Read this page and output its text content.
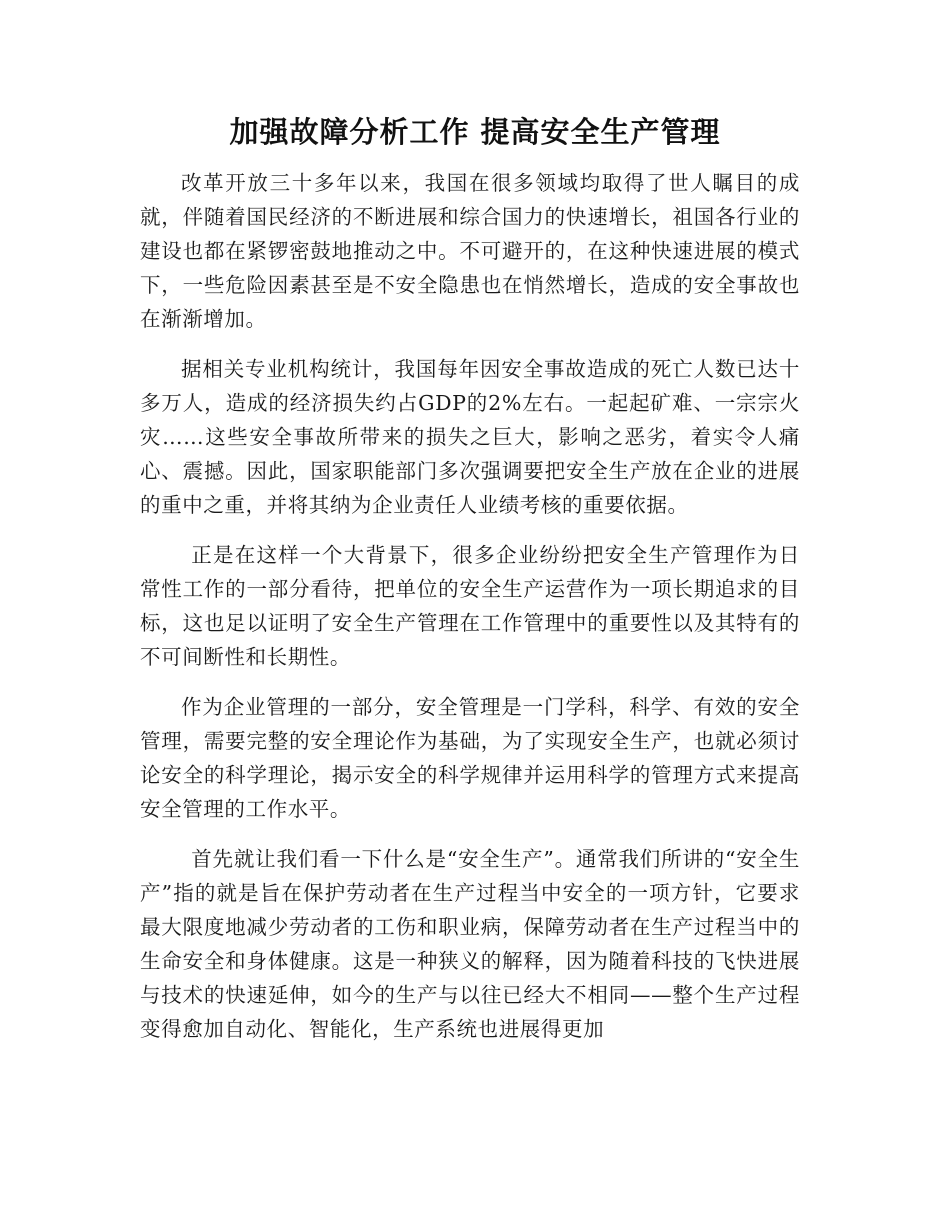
加强故障分析工作 提高安全生产管理

改革开放三十多年以来，我国在很多领域均取得了世人瞩目的成就，伴随着国民经济的不断进展和综合国力的快速增长，祖国各行业的建设也都在紧锣密鼓地推动之中。不可避开的，在这种快速进展的模式下，一些危险因素甚至是不安全隐患也在悄然增长，造成的安全事故也在渐渐增加。

据相关专业机构统计，我国每年因安全事故造成的死亡人数已达十多万人，造成的经济损失约占GDP的2%左右。一起起矿难、一宗宗火灾……这些安全事故所带来的损失之巨大，影响之恶劣，着实令人痛心、震撼。因此，国家职能部门多次强调要把安全生产放在企业的进展的重中之重，并将其纳为企业责任人业绩考核的重要依据。

正是在这样一个大背景下，很多企业纷纷把安全生产管理作为日常性工作的一部分看待，把单位的安全生产运营作为一项长期追求的目标，这也足以证明了安全生产管理在工作管理中的重要性以及其特有的不可间断性和长期性。

作为企业管理的一部分，安全管理是一门学科，科学、有效的安全管理，需要完整的安全理论作为基础，为了实现安全生产，也就必须讨论安全的科学理论，揭示安全的科学规律并运用科学的管理方式来提高安全管理的工作水平。

首先就让我们看一下什么是“安全生产”。通常我们所讲的“安全生产”指的就是旨在保护劳动者在生产过程当中安全的一项方针，它要求最大限度地减少劳动者的工伤和职业病，保障劳动者在生产过程当中的生命安全和身体健康。这是一种狭义的解释，因为随着科技的飞快进展与技术的快速延伸，如今的生产与以往已经大不相同——整个生产过程变得愈加自动化、智能化，生产系统也进展得更加
